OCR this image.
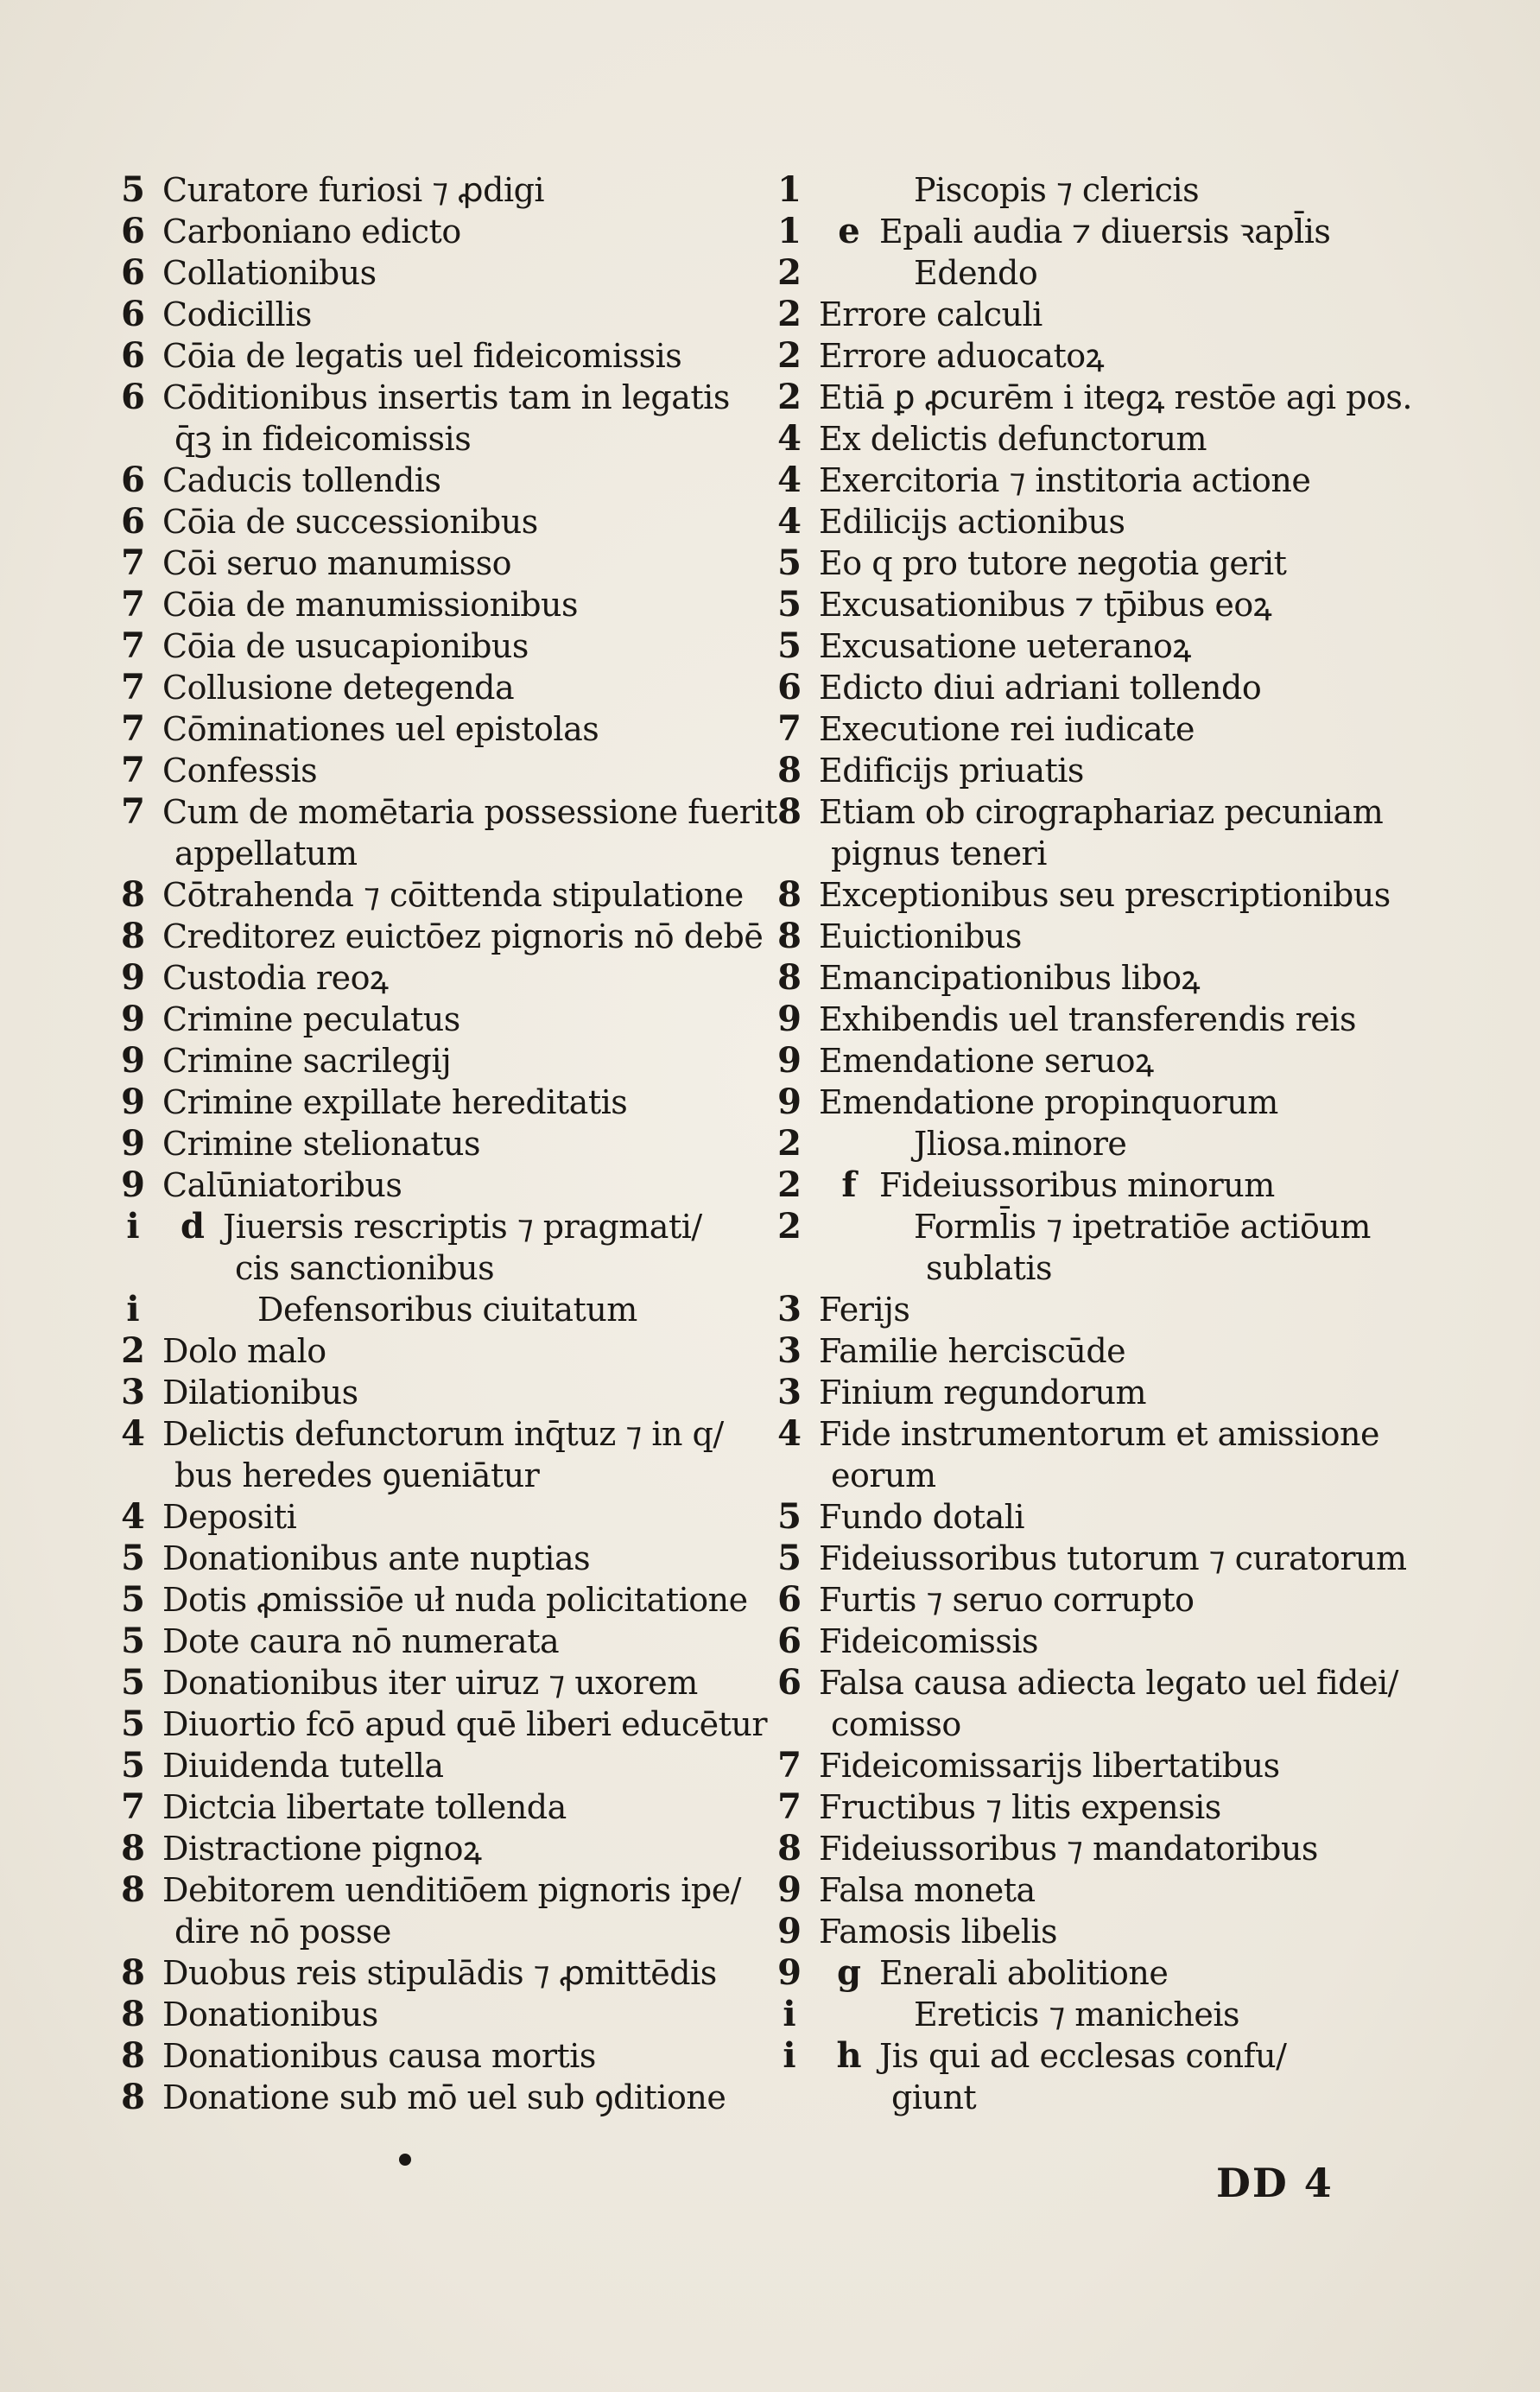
5 Curatore furiosi ⁊ ꝓdigi
6 Carboniano edicto
6 Collationibus
6 Codicillis
6 Cōia de legatis uel fideicomissis
6 Cōditionibus insertis tam in legatis
q̄ꝫ in fideicomissis
6 Caducis tollendis
6 Cōia de successionibus
7 Cōi seruo manumisso
7 Cōia de manumissionibus
7 Cōia de usucapionibus
7 Collusione detegenda
7 Cōminationes uel epistolas
7 Confessis
7 Cum de momētaria possessione fuerit
appellatum
8 Cōtrahenda ⁊ cōittenda stipulatione
8 Creditorez euictōez pignoris nō debē
9 Custodia reoꝝ
9 Crimine peculatus
9 Crimine sacrilegij
9 Crimine expillate hereditatis
9 Crimine stelionatus
9 Calūniatoribus
i	d Jiuersis rescriptis ⁊ pragmati/
cis sanctionibus
i	Defensoribus ciuitatum
2 Dolo malo
3 Dilationibus
4 Delictis defunctorum inq̄tuz ⁊ in q/
bus heredes ꝯueniātur
4 Depositi
5 Donationibus ante nuptias
5 Dotis ꝓmissiōe uł nuda policitatione
5 Dote caura nō numerata
5 Donationibus iter uiruz ⁊ uxorem
5 Diuortio fcō apud quē liberi educētur
5 Diuidenda tutella
7 Dictcia libertate tollenda
8 Distractione pignoꝝ
8 Debitorem uenditiōem pignoris ipe/
dire nō posse
8 Duobus reis stipulādis ⁊ ꝓmittēdis
8 Donationibus
8 Donationibus causa mortis
8 Donatione sub mō uel sub ꝯditione
1	Piscopis ⁊ clericis
1	e Epali audia ⁊ diuersis ꝛapl̄is
2	Edendo
2 Errore calculi
2 Errore aduocatoꝝ
2 Etiā ꝑ ꝓcurēm i itegꝝ restōe agi pos.
4 Ex delictis defunctorum
4 Exercitoria ⁊ institoria actione
4 Edilicijs actionibus
5 Eo q pro tutore negotia gerit
5 Excusationibus ⁊ tp̄ibus eoꝝ
5 Excusatione ueteranoꝝ
6 Edicto diui adriani tollendo
7 Executione rei iudicate
8 Edificijs priuatis
8 Etiam ob cirographariaz pecuniam
pignus teneri
8 Exceptionibus seu prescriptionibus
8 Euictionibus
8 Emancipationibus liboꝝ
9 Exhibendis uel transferendis reis
9 Emendatione seruoꝝ
9 Emendatione propinquorum
2	Jliosa.minore
2	f Fideiussoribus minorum
2	Forml̄is ⁊ ipetratiōe actiōum
sublatis
3 Ferijs
3 Familie herciscūde
3 Finium regundorum
4 Fide instrumentorum et amissione
eorum
5 Fundo dotali
5 Fideiussoribus tutorum ⁊ curatorum
6 Furtis ⁊ seruo corrupto
6 Fideicomissis
6 Falsa causa adiecta legato uel fidei/
comisso
7 Fideicomissarijs libertatibus
7 Fructibus ⁊ litis expensis
8 Fideiussoribus ⁊ mandatoribus
9 Falsa moneta
9 Famosis libelis
9	g Enerali abolitione
i	Ereticis ⁊ manicheis
i	h Jis qui ad ecclesas confu/
giunt
DD 4
